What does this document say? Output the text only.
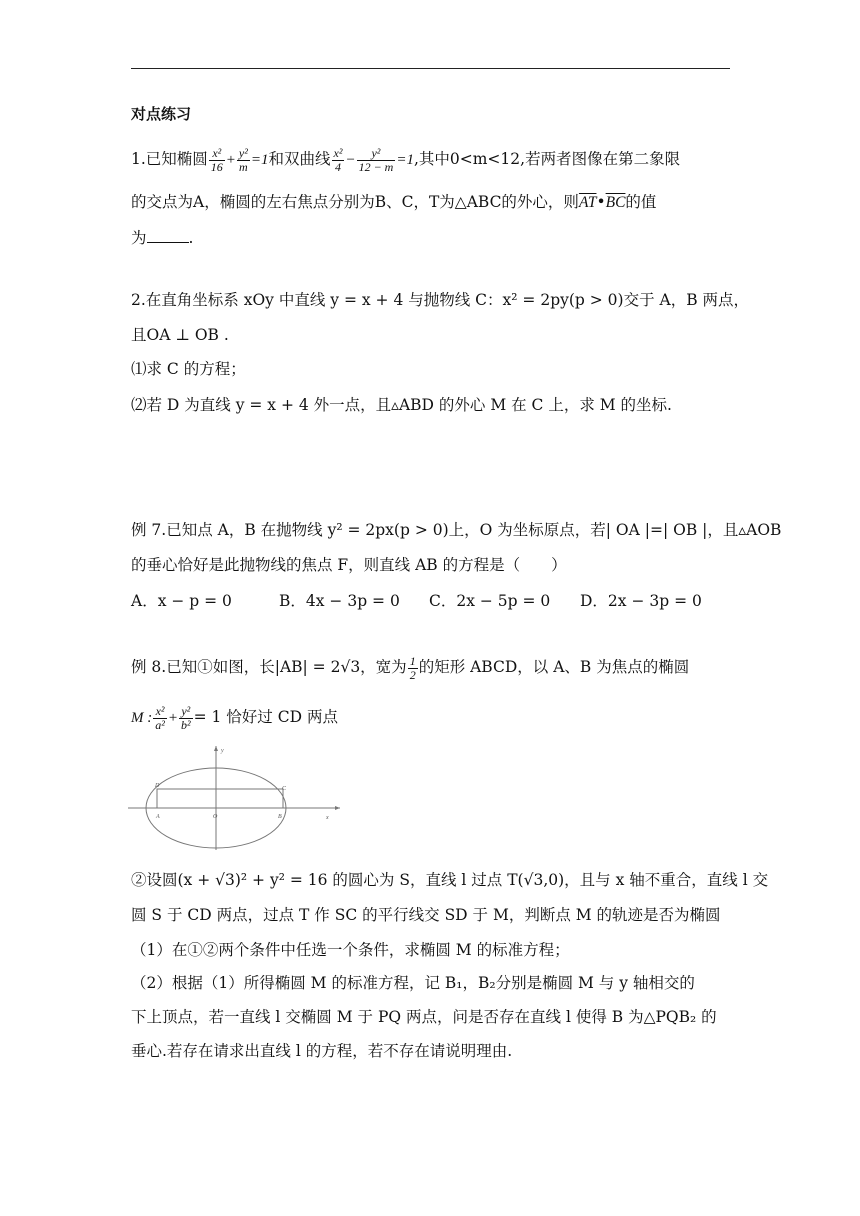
对点练习
1.已知椭圆 $\frac{\text{x²}}{16} + \frac{\text{y²}}{m} =1$和双曲线 $\frac{\text{x²}}{4} - \frac{\text{y²}}{12 - m} =1$,其中0<m<12,若两者图像在第二象限
的交点为A，椭圆的左右焦点分别为B、C，T为△ABC的外心，则$\overline{AT}•\overline{BC}$的值
为	.
2.在直角坐标系 xOy 中直线 y = x + 4 与抛物线 C：x² = 2py(p > 0)交于 A，B 两点，
且OA ⊥ OB .
⑴求 C 的方程；
⑵若 D 为直线 y = x + 4 外一点，且▵ABD 的外心 M 在 C 上，求 M 的坐标.
例 7.已知点 A，B 在抛物线 y² = 2px(p > 0)上，O 为坐标原点，若| OA |=| OB |，且▵AOB
的垂心恰好是此抛物线的焦点 F，则直线 AB 的方程是（　　）
A．x − p = 0	B．4x − 3p = 0 C．2x − 5p = 0 D．2x − 3p = 0
例 8.已知①如图，长|AB| = 2√3，宽为 $\frac{1}{2}$ 的矩形 ABCD，以 A、B 为焦点的椭圆
M : $\frac{\text{x²}}{\text{a²}} + \frac{\text{y²}}{\text{b²}} = 1$ 恰好过 CD 两点
y
x
D	C
A	O	B
②设圆(x + √3)² + y² = 16 的圆心为 S，直线 l 过点 T(√3,0)，且与 x 轴不重合，直线 l 交
圆 S 于 CD 两点，过点 T 作 SC 的平行线交 SD 于 M，判断点 M 的轨迹是否为椭圆
（1）在①②两个条件中任选一个条件，求椭圆 M 的标准方程；
（2）根据（1）所得椭圆 M 的标准方程，记 B₁，B₂分别是椭圆 M 与 y 轴相交的
下上顶点，若一直线 l 交椭圆 M 于 PQ 两点，问是否存在直线 l 使得 B 为△PQB₂ 的
垂心.若存在请求出直线 l 的方程，若不存在请说明理由.
